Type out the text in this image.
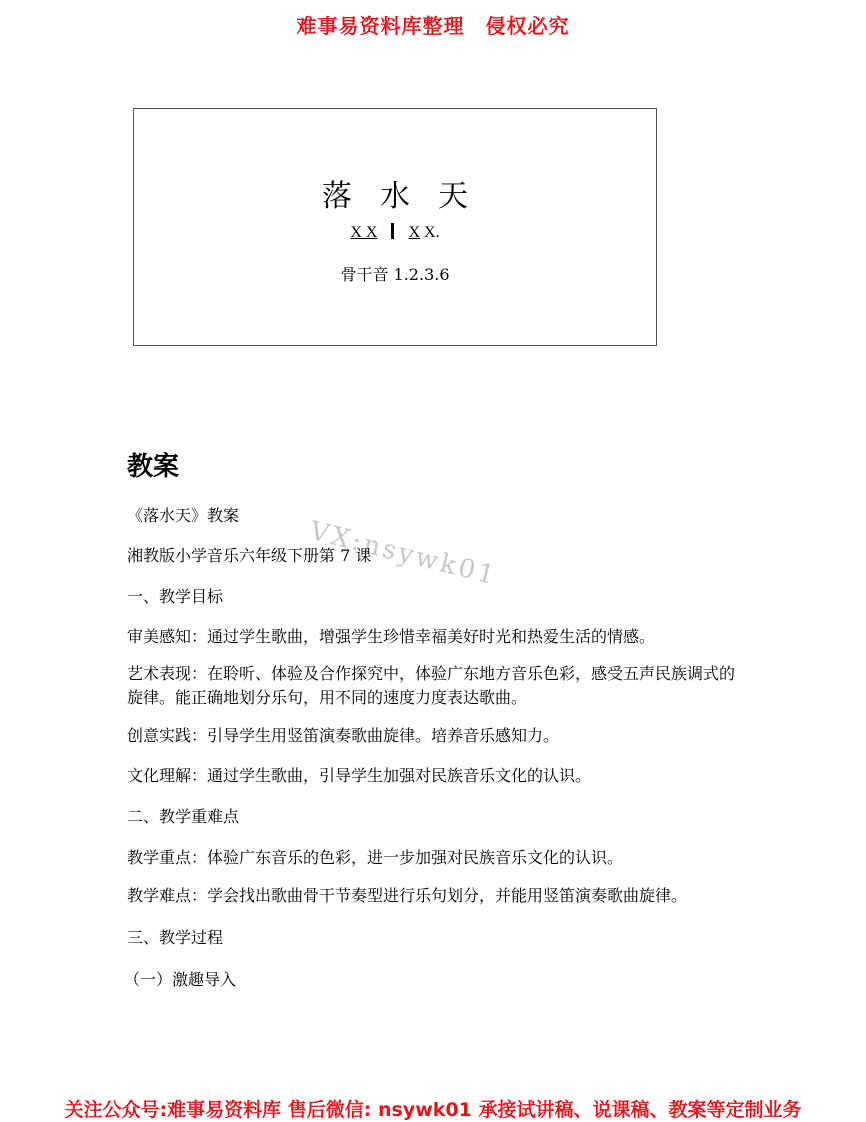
难事易资料库整理　侵权必究
落水天
X X X X.
骨干音 1.2.3.6
教案
VX:nsywk01
《落水天》教案
湘教版小学音乐六年级下册第 7 课
一、教学目标
审美感知：通过学生歌曲，增强学生珍惜幸福美好时光和热爱生活的情感。
艺术表现：在聆听、体验及合作探究中，体验广东地方音乐色彩，感受五声民族调式的旋律。能正确地划分乐句，用不同的速度力度表达歌曲。
创意实践：引导学生用竖笛演奏歌曲旋律。培养音乐感知力。
文化理解：通过学生歌曲，引导学生加强对民族音乐文化的认识。
二、教学重难点
教学重点：体验广东音乐的色彩，进一步加强对民族音乐文化的认识。
教学难点：学会找出歌曲骨干节奏型进行乐句划分，并能用竖笛演奏歌曲旋律。
三、教学过程
（一）激趣导入
关注公众号:难事易资料库 售后微信: nsywk01 承接试讲稿、说课稿、教案等定制业务
